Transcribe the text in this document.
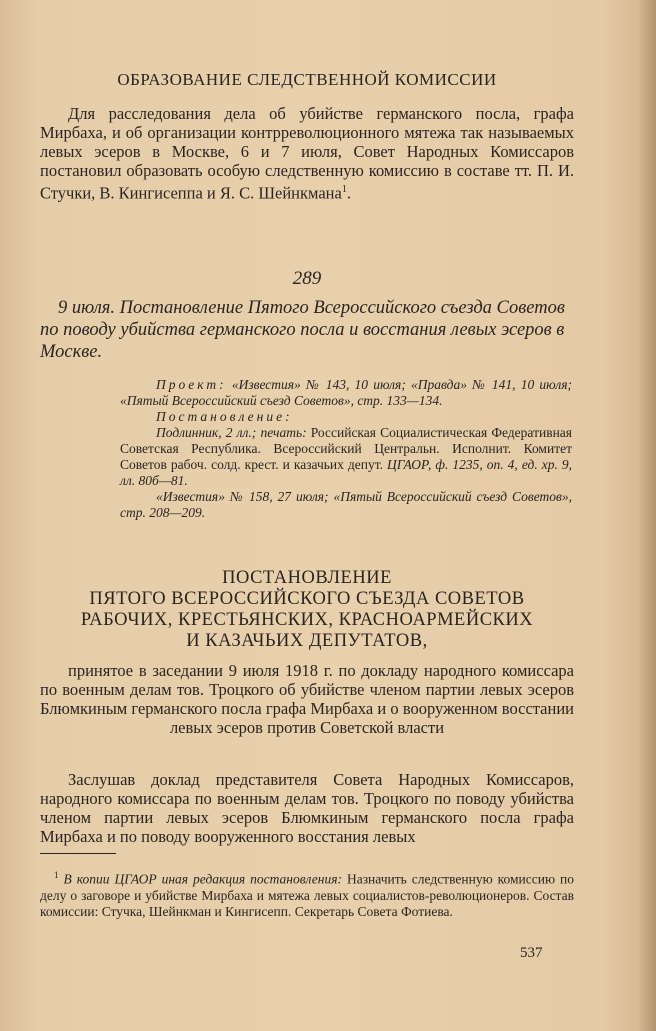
ОБРАЗОВАНИЕ СЛЕДСТВЕННОЙ КОМИССИИ

Для расследования дела об убийстве германского посла, графа Мирбаха, и об организации контрреволюционного мятежа так называемых левых эсеров в Москве, 6 и 7 июля, Совет Народных Комиссаров постановил образовать особую следственную комиссию в составе тт. П. И. Стучки, В. Кингисеппа и Я. С. Шейнкмана$^1$.

289

9 июля. Постановление Пятого Всероссийского съезда Советов по поводу убийства германского посла и восстания левых эсеров в Москве.

Проект: «Известия» № 143, 10 июля; «Правда» № 141, 10 июля; «Пятый Всероссийский съезд Советов», стр. 133—134.

Постановление:

Подлинник, 2 лл.; печать: Российская Социалистическая Федеративная Советская Республика. Всероссийский Центральн. Исполнит. Комитет Советов рабоч. солд. крест. и казачьих депут. ЦГАОР, ф. 1235, оп. 4, ед. хр. 9, лл. 80б—81.

«Известия» № 158, 27 июля; «Пятый Всероссийский съезд Советов», стр. 208—209.

ПОСТАНОВЛЕНИЕ
ПЯТОГО ВСЕРОССИЙСКОГО СЪЕЗДА СОВЕТОВ
РАБОЧИХ, КРЕСТЬЯНСКИХ, КРАСНОАРМЕЙСКИХ
И КАЗАЧЬИХ ДЕПУТАТОВ,

принятое в заседании 9 июля 1918 г. по докладу народного комиссара по военным делам тов. Троцкого об убийстве членом партии левых эсеров Блюмкиным германского посла графа Мирбаха и о вооруженном восстании левых эсеров против Советской власти

Заслушав доклад представителя Совета Народных Комиссаров, народного комиссара по военным делам тов. Троцкого по поводу убийства членом партии левых эсеров Блюмкиным германского посла графа Мирбаха и по поводу вооруженного восстания левых

$^1$ В копии ЦГАОР иная редакция постановления: Назначить следственную комиссию по делу о заговоре и убийстве Мирбаха и мятежа левых социалистов-революционеров. Состав комиссии: Стучка, Шейнкман и Кингисепп. Секретарь Совета Фотиева.

537
